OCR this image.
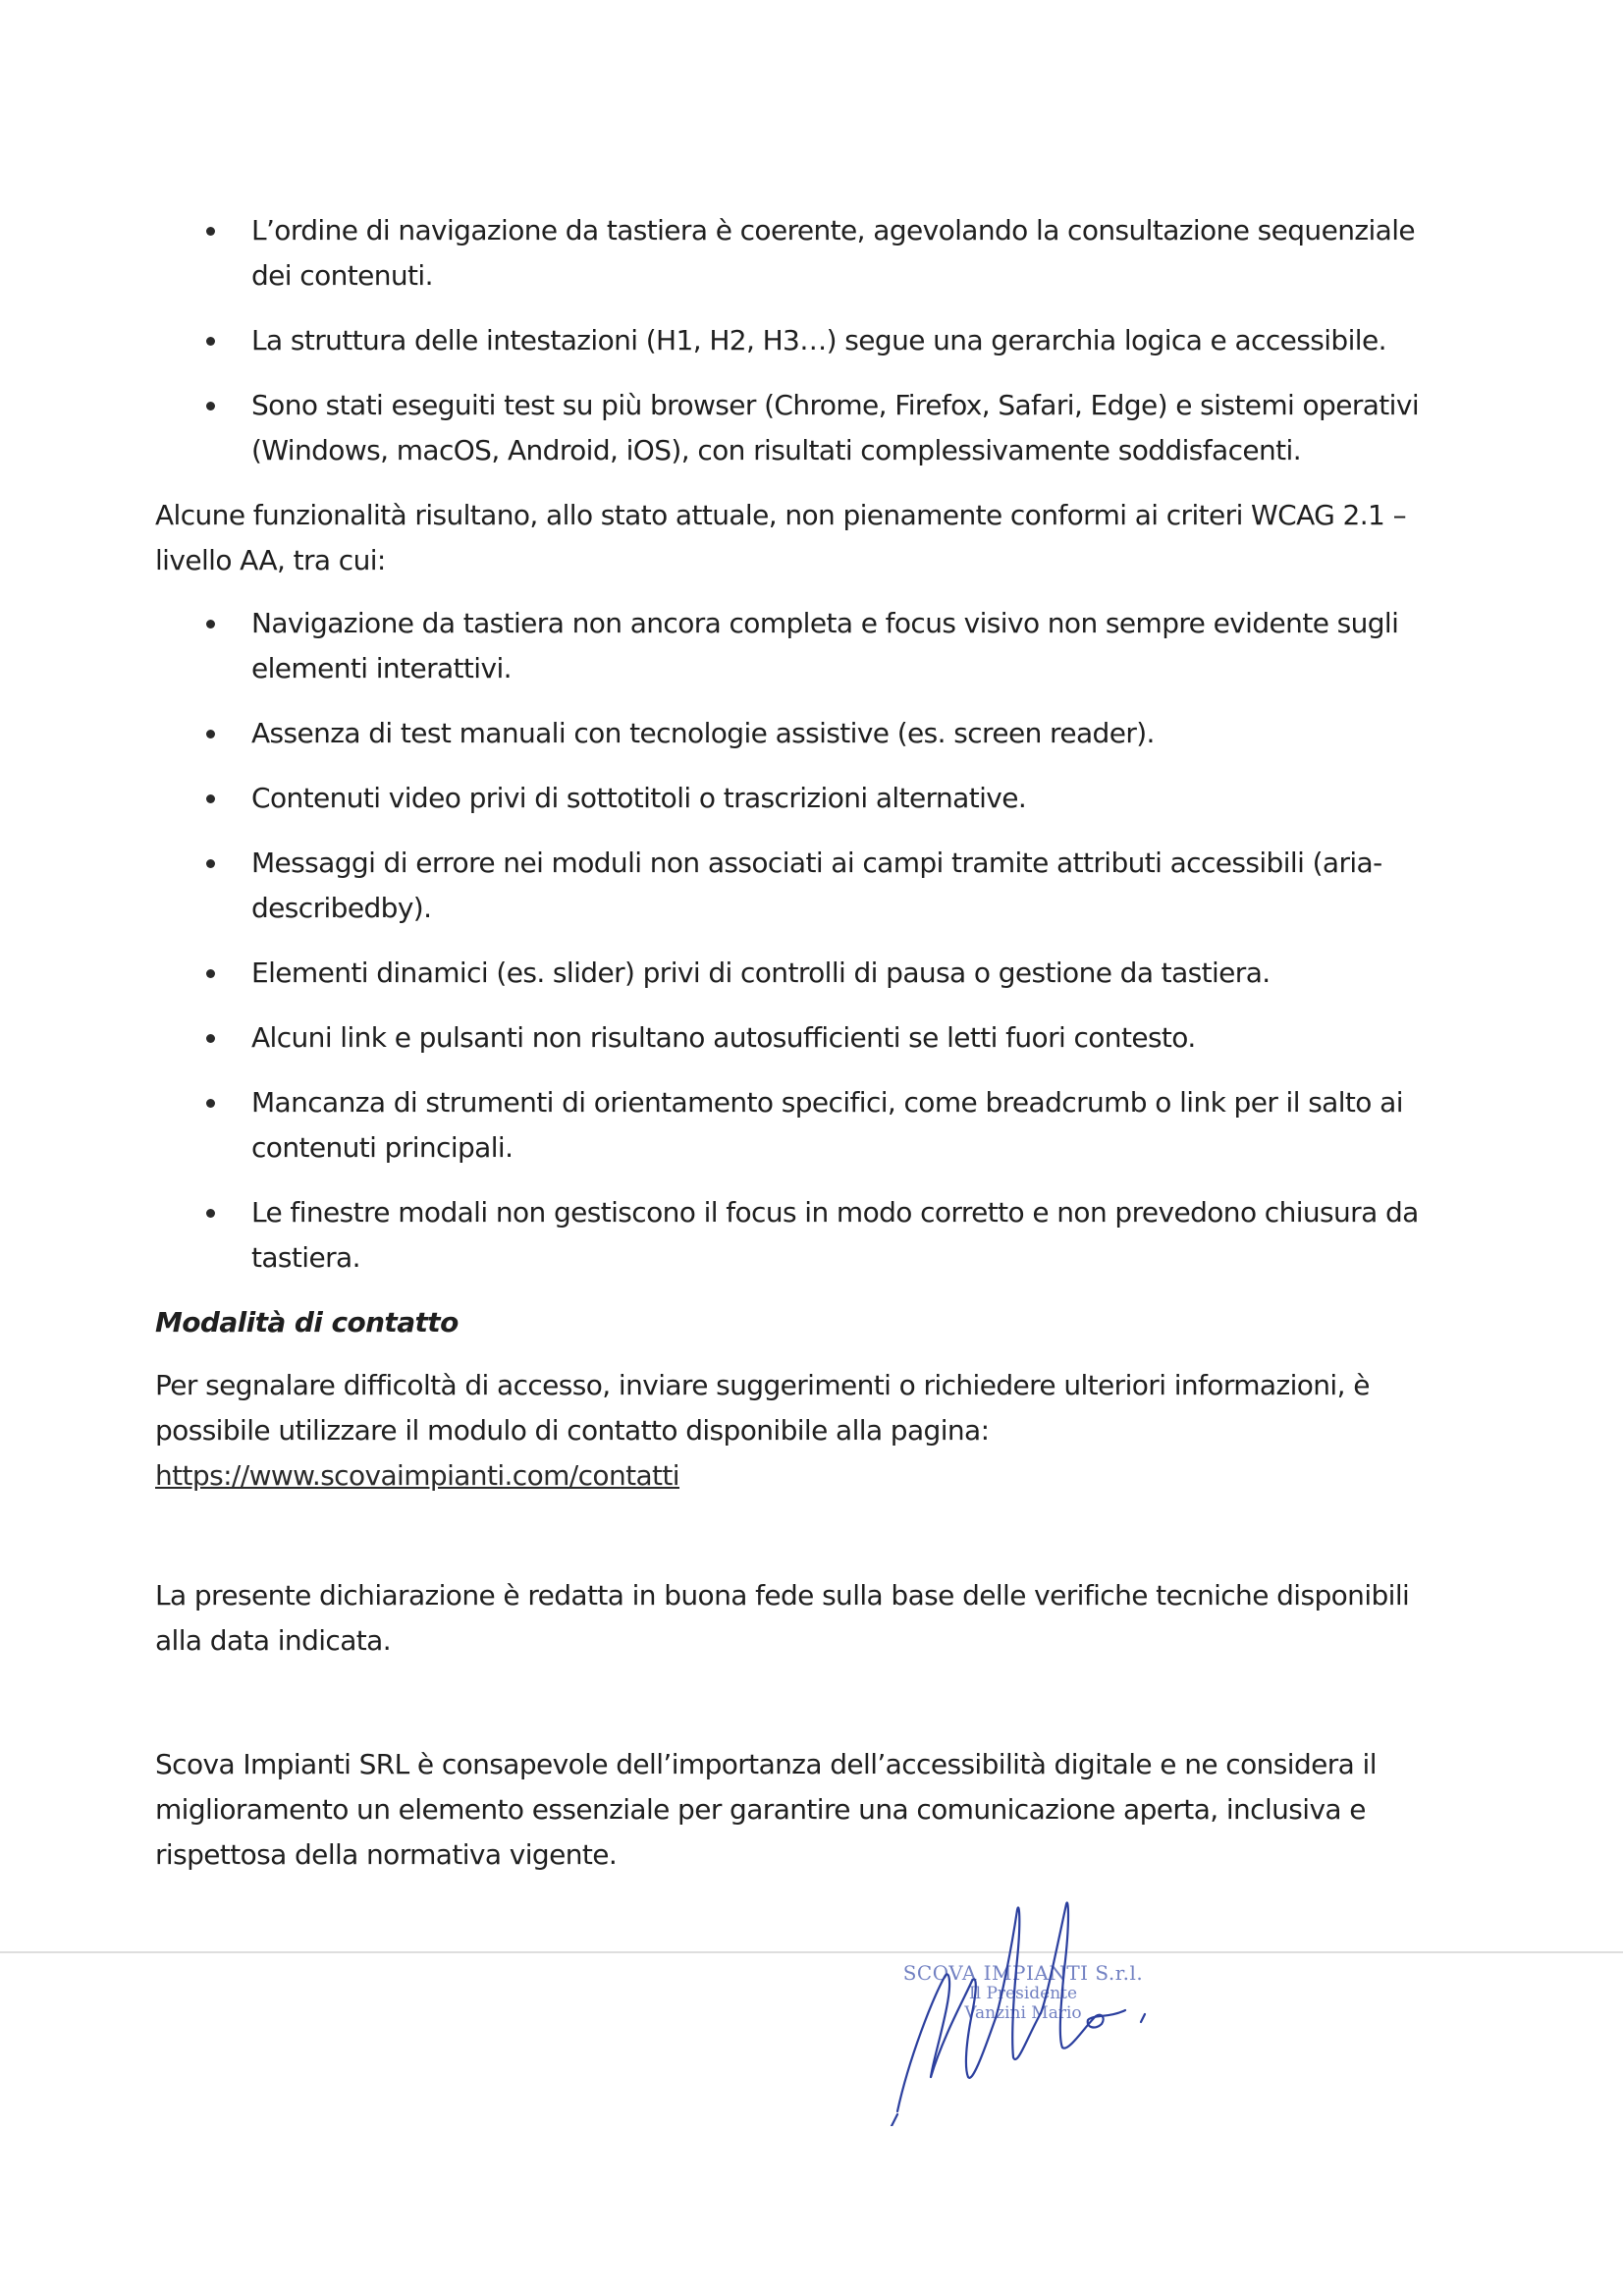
L’ordine di navigazione da tastiera è coerente, agevolando la consultazione sequenziale dei contenuti.
La struttura delle intestazioni (H1, H2, H3…) segue una gerarchia logica e accessibile.
Sono stati eseguiti test su più browser (Chrome, Firefox, Safari, Edge) e sistemi operativi (Windows, macOS, Android, iOS), con risultati complessivamente soddisfacenti.

Alcune funzionalità risultano, allo stato attuale, non pienamente conformi ai criteri WCAG 2.1 – livello AA, tra cui:

Navigazione da tastiera non ancora completa e focus visivo non sempre evidente sugli elementi interattivi.
Assenza di test manuali con tecnologie assistive (es. screen reader).
Contenuti video privi di sottotitoli o trascrizioni alternative.
Messaggi di errore nei moduli non associati ai campi tramite attributi accessibili (aria-describedby).
Elementi dinamici (es. slider) privi di controlli di pausa o gestione da tastiera.
Alcuni link e pulsanti non risultano autosufficienti se letti fuori contesto.
Mancanza di strumenti di orientamento specifici, come breadcrumb o link per il salto ai contenuti principali.
Le finestre modali non gestiscono il focus in modo corretto e non prevedono chiusura da tastiera.
Modalità di contatto

Per segnalare difficoltà di accesso, inviare suggerimenti o richiedere ulteriori informazioni, è possibile utilizzare il modulo di contatto disponibile alla pagina:
https://www.scovaimpianti.com/contatti

La presente dichiarazione è redatta in buona fede sulla base delle verifiche tecniche disponibili alla data indicata.

Scova Impianti SRL è consapevole dell’importanza dell’accessibilità digitale e ne considera il miglioramento un elemento essenziale per garantire una comunicazione aperta, inclusiva e rispettosa della normativa vigente.

SCOVA IMPIANTI S.r.l.
Il Presidente
Vanzini Mario
